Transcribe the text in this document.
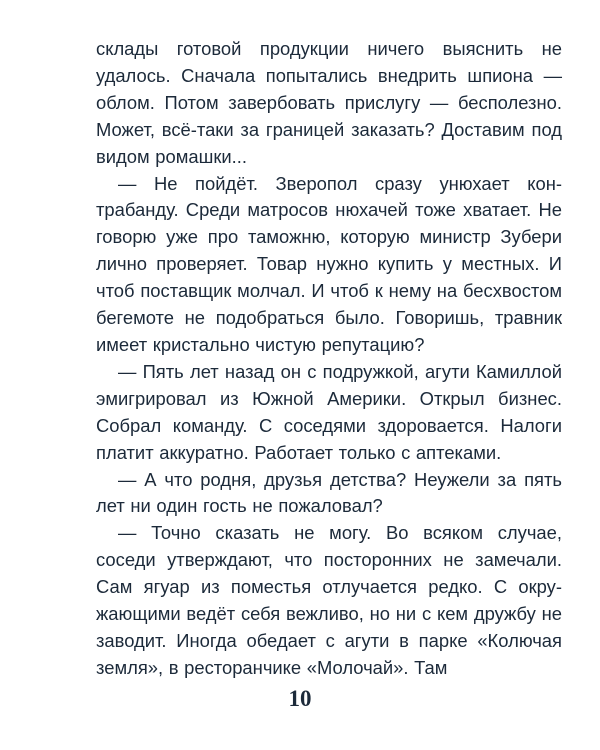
склады готовой продукции ничего выяснить не удалось. Сначала попытались внедрить шпиона — облом. Потом завербовать прислугу — бесполезно. Может, всё-таки за границей заказать? Доставим под видом ромашки...

— Не пойдёт. Зверопол сразу унюхает контрабанду. Среди матросов нюхачей тоже хватает. Не говорю уже про таможню, которую министр Зубери лично проверяет. Товар нужно купить у местных. И чтоб поставщик молчал. И чтоб к нему на бесхвостом бегемоте не подобраться было. Говоришь, травник имеет кристально чистую репутацию?

— Пять лет назад он с подружкой, агути Камиллой эмигрировал из Южной Америки. Открыл бизнес. Собрал команду. С соседями здоровается. Налоги платит аккуратно. Работает только с аптеками.

— А что родня, друзья детства? Неужели за пять лет ни один гость не пожаловал?

— Точно сказать не могу. Во всяком случае, соседи утверждают, что посторонних не замечали. Сам ягуар из поместья отлучается редко. С окружающими ведёт себя вежливо, но ни с кем дружбу не заводит. Иногда обедает с агути в парке «Колючая земля», в ресторанчике «Молочай». Там

10
